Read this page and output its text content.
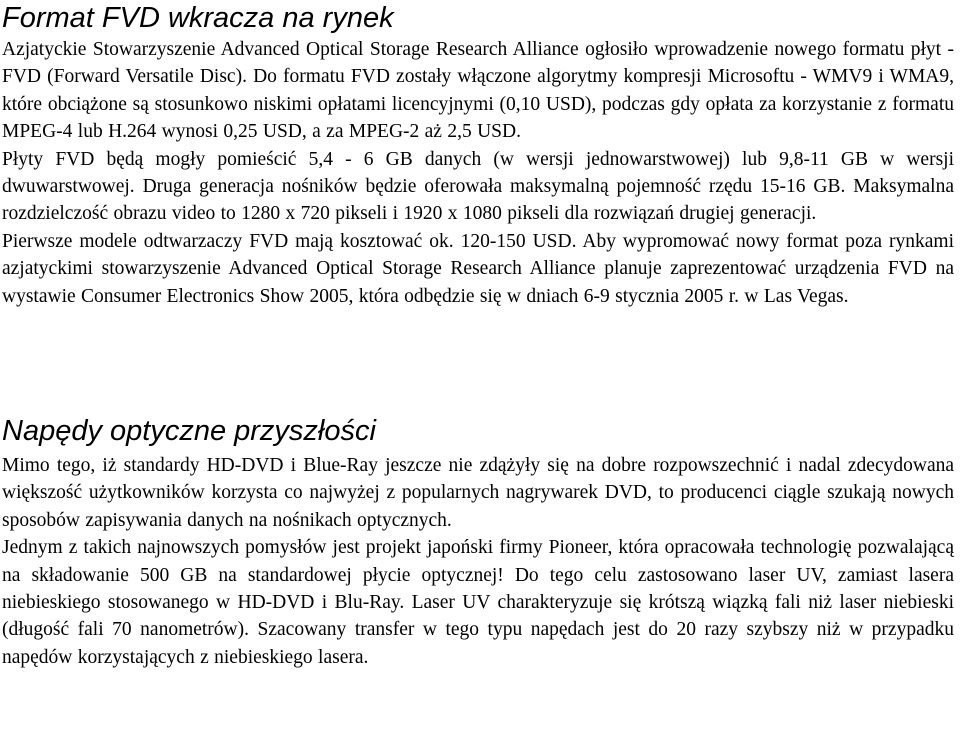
Format FVD wkracza na rynek

Azjatyckie Stowarzyszenie Advanced Optical Storage Research Alliance ogłosiło wprowadzenie nowego formatu płyt - FVD (Forward Versatile Disc). Do formatu FVD zostały włączone algorytmy kompresji Microsoftu - WMV9 i WMA9, które obciążone są stosunkowo niskimi opłatami licencyjnymi (0,10 USD), podczas gdy opłata za korzystanie z formatu MPEG-4 lub H.264 wynosi 0,25 USD, a za MPEG-2 aż 2,5 USD.

Płyty FVD będą mogły pomieścić 5,4 - 6 GB danych (w wersji jednowarstwowej) lub 9,8-11 GB w wersji dwuwarstwowej. Druga generacja nośników będzie oferowała maksymalną pojemność rzędu 15-16 GB. Maksymalna rozdzielczość obrazu video to 1280 x 720 pikseli i 1920 x 1080 pikseli dla rozwiązań drugiej generacji.

Pierwsze modele odtwarzaczy FVD mają kosztować ok. 120-150 USD. Aby wypromować nowy format poza rynkami azjatyckimi stowarzyszenie Advanced Optical Storage Research Alliance planuje zaprezentować urządzenia FVD na wystawie Consumer Electronics Show 2005, która odbędzie się w dniach 6-9 stycznia 2005 r. w Las Vegas.

Napędy optyczne przyszłości

Mimo tego, iż standardy HD-DVD i Blue-Ray jeszcze nie zdążyły się na dobre rozpowszechnić i nadal zdecydowana większość użytkowników korzysta co najwyżej z popularnych nagrywarek DVD, to producenci ciągle szukają nowych sposobów zapisywania danych na nośnikach optycznych.

Jednym z takich najnowszych pomysłów jest projekt japoński firmy Pioneer, która opracowała technologię pozwalającą na składowanie 500 GB na standardowej płycie optycznej! Do tego celu zastosowano laser UV, zamiast lasera niebieskiego stosowanego w HD-DVD i Blu-Ray. Laser UV charakteryzuje się krótszą wiązką fali niż laser niebieski (długość fali 70 nanometrów). Szacowany transfer w tego typu napędach jest do 20 razy szybszy niż w przypadku napędów korzystających z niebieskiego lasera.
